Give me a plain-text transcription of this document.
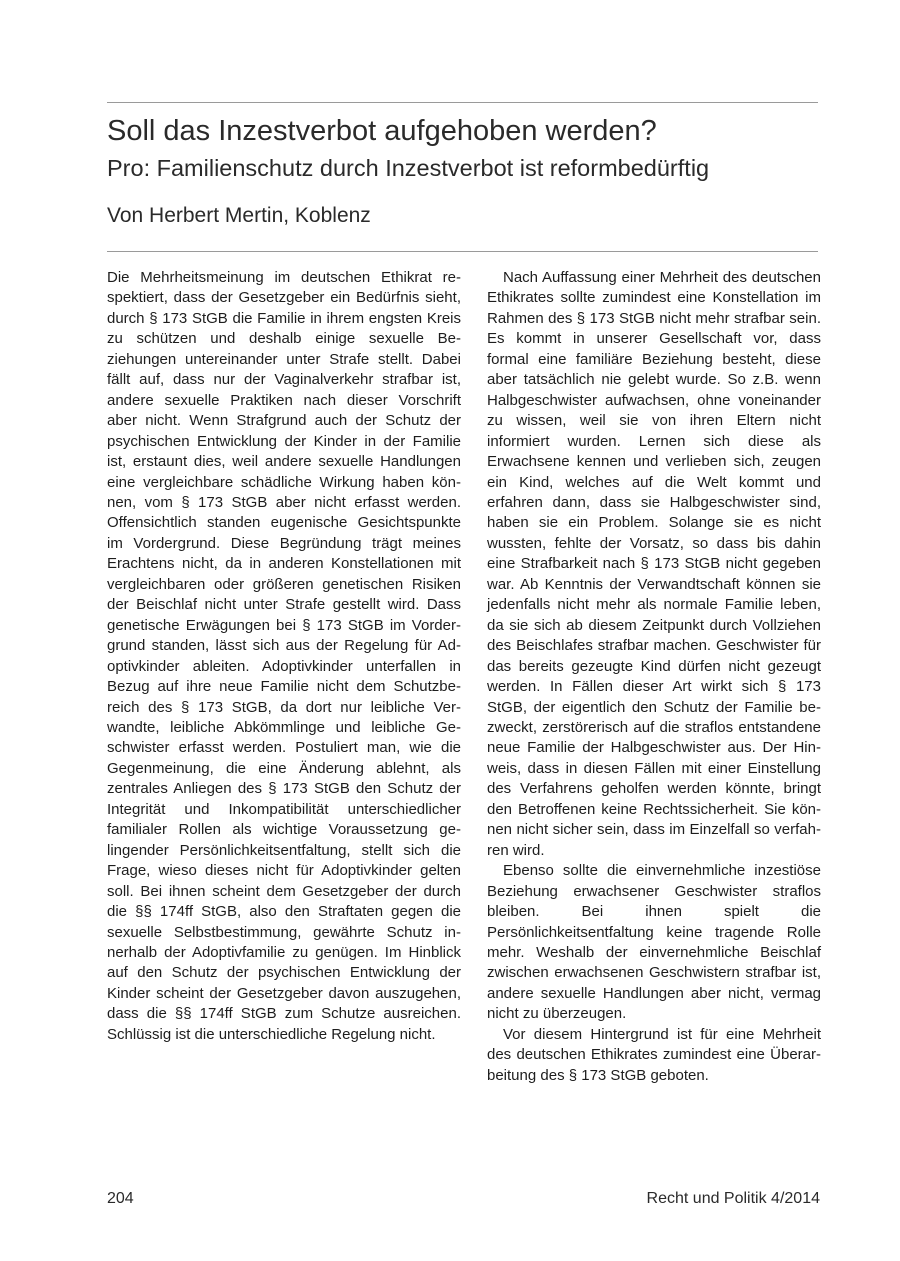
Soll das Inzestverbot aufgehoben werden?
Pro: Familienschutz durch Inzestverbot ist reformbedürftig
Von Herbert Mertin, Koblenz

Die Mehrheitsmeinung im deutschen Ethikrat respektiert, dass der Gesetzgeber ein Bedürfnis sieht, durch § 173 StGB die Familie in ihrem engsten Kreis zu schützen und deshalb einige sexuelle Beziehungen untereinander unter Strafe stellt. Dabei fällt auf, dass nur der Vaginalverkehr strafbar ist, andere sexuelle Praktiken nach dieser Vorschrift aber nicht. Wenn Strafgrund auch der Schutz der psychischen Entwicklung der Kinder in der Familie ist, erstaunt dies, weil andere sexuelle Handlungen eine vergleichbare schädliche Wirkung haben können, vom § 173 StGB aber nicht erfasst werden. Offensichtlich standen eugenische Gesichtspunkte im Vordergrund. Diese Begründung trägt meines Erachtens nicht, da in anderen Konstellationen mit vergleichbaren oder größeren genetischen Risiken der Beischlaf nicht unter Strafe gestellt wird. Dass genetische Erwägungen bei § 173 StGB im Vordergrund standen, lässt sich aus der Regelung für Adoptivkinder ableiten. Adoptivkinder unterfallen in Bezug auf ihre neue Familie nicht dem Schutzbereich des § 173 StGB, da dort nur leibliche Verwandte, leibliche Abkömmlinge und leibliche Geschwister erfasst werden. Postuliert man, wie die Gegenmeinung, die eine Änderung ablehnt, als zentrales Anliegen des § 173 StGB den Schutz der Integrität und Inkompatibilität unterschiedlicher familialer Rollen als wichtige Voraussetzung gelingender Persönlichkeitsentfaltung, stellt sich die Frage, wieso dieses nicht für Adoptivkinder gelten soll. Bei ihnen scheint dem Gesetzgeber der durch die §§ 174ff StGB, also den Straftaten gegen die sexuelle Selbstbestimmung, gewährte Schutz innerhalb der Adoptivfamilie zu genügen. Im Hinblick auf den Schutz der psychischen Entwicklung der Kinder scheint der Gesetzgeber davon auszugehen, dass die §§ 174ff StGB zum Schutze ausreichen. Schlüssig ist die unterschiedliche Regelung nicht.

Nach Auffassung einer Mehrheit des deutschen Ethikrates sollte zumindest eine Konstellation im Rahmen des § 173 StGB nicht mehr strafbar sein. Es kommt in unserer Gesellschaft vor, dass formal eine familiäre Beziehung besteht, diese aber tatsächlich nie gelebt wurde. So z.B. wenn Halbgeschwister aufwachsen, ohne voneinander zu wissen, weil sie von ihren Eltern nicht informiert wurden. Lernen sich diese als Erwachsene kennen und verlieben sich, zeugen ein Kind, welches auf die Welt kommt und erfahren dann, dass sie Halbgeschwister sind, haben sie ein Problem. Solange sie es nicht wussten, fehlte der Vorsatz, so dass bis dahin eine Strafbarkeit nach § 173 StGB nicht gegeben war. Ab Kenntnis der Verwandtschaft können sie jedenfalls nicht mehr als normale Familie leben, da sie sich ab diesem Zeitpunkt durch Vollziehen des Beischlafes strafbar machen. Geschwister für das bereits gezeugte Kind dürfen nicht gezeugt werden. In Fällen dieser Art wirkt sich § 173 StGB, der eigentlich den Schutz der Familie bezweckt, zerstörerisch auf die straflos entstandene neue Familie der Halbgeschwister aus. Der Hinweis, dass in diesen Fällen mit einer Einstellung des Verfahrens geholfen werden könnte, bringt den Betroffenen keine Rechtssicherheit. Sie können nicht sicher sein, dass im Einzelfall so verfahren wird.

Ebenso sollte die einvernehmliche inzestiöse Beziehung erwachsener Geschwister straflos bleiben. Bei ihnen spielt die Persönlichkeitsentfaltung keine tragende Rolle mehr. Weshalb der einvernehmliche Beischlaf zwischen erwachsenen Geschwistern strafbar ist, andere sexuelle Handlungen aber nicht, vermag nicht zu überzeugen.

Vor diesem Hintergrund ist für eine Mehrheit des deutschen Ethikrates zumindest eine Überarbeitung des § 173 StGB geboten.

204	Recht und Politik 4/2014
